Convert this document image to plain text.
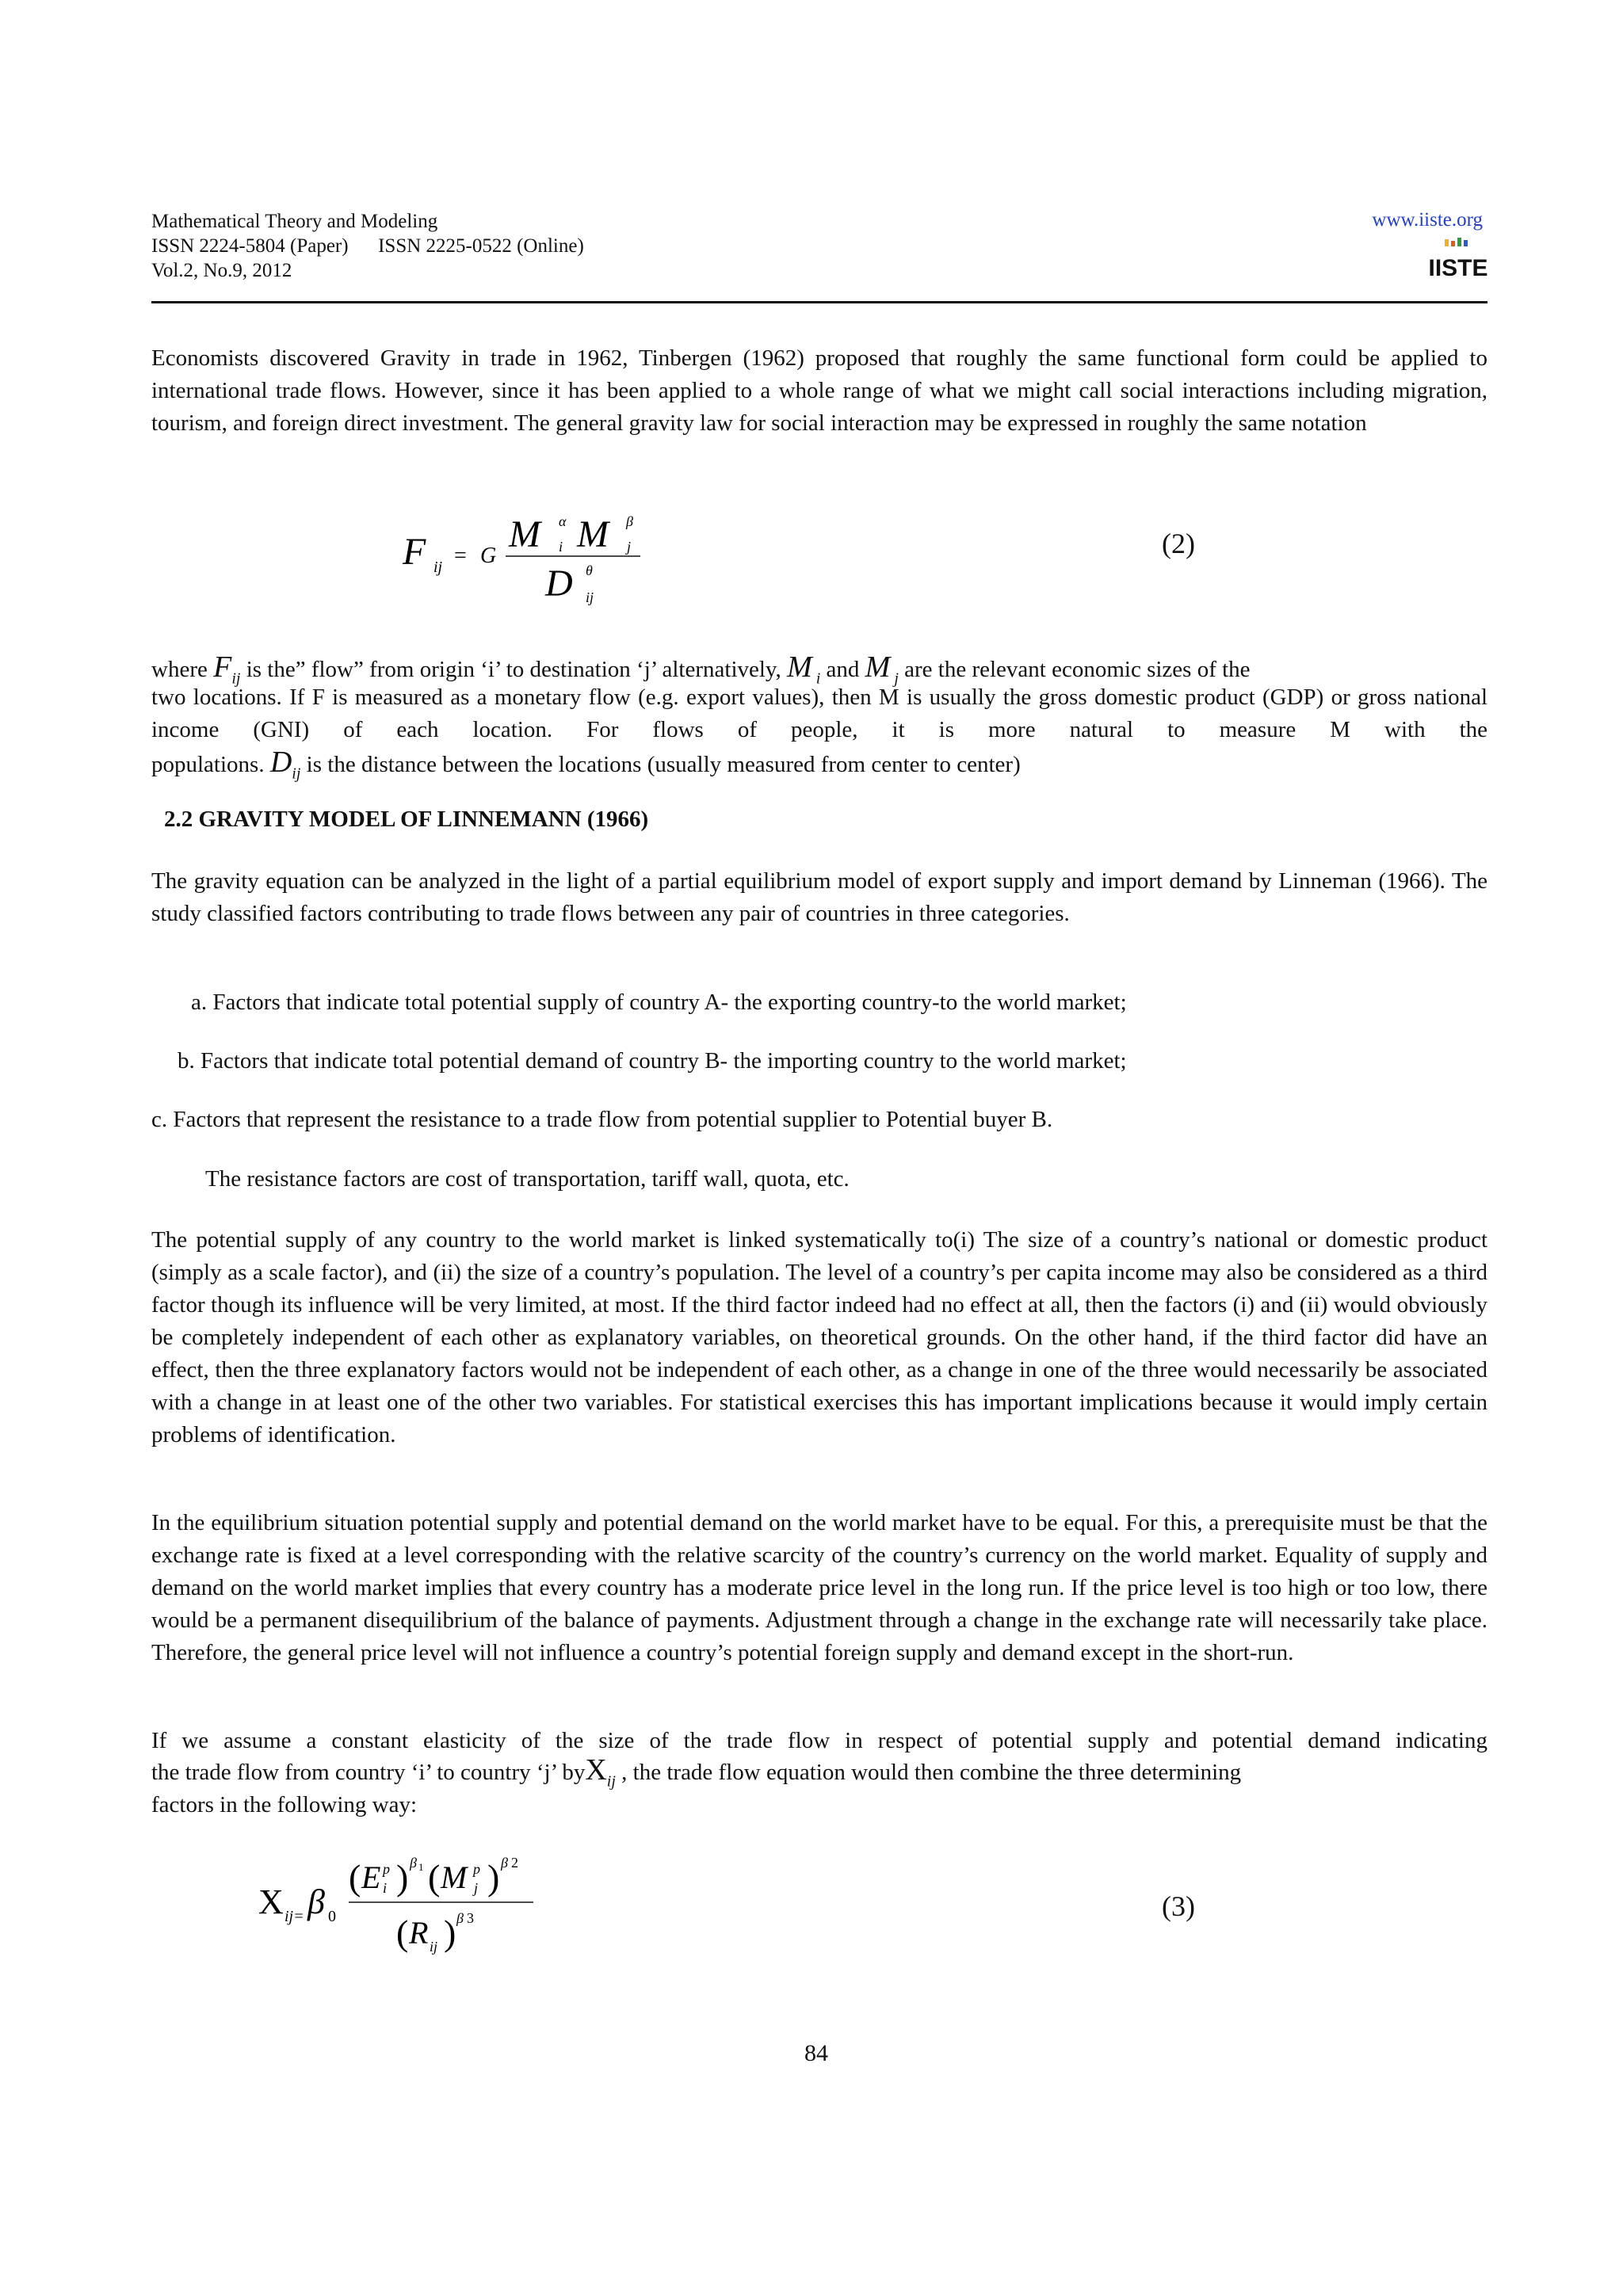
Mathematical Theory and Modeling
ISSN 2224-5804 (Paper)      ISSN 2225-0522 (Online)
Vol.2, No.9, 2012
www.iiste.org
IISTE

Economists discovered Gravity in trade in 1962, Tinbergen (1962) proposed that roughly the same functional form could be applied to international trade flows. However, since it has been applied to a whole range of what we might call social interactions including migration, tourism, and foreign direct investment. The general gravity law for social interaction may be expressed in roughly the same notation

F ij = G
M α
i M β
j
D θ
ij
(2)
where $F_{ij}$ is the” flow” from origin ‘i’ to destination ‘j’ alternatively, M $_i$ and M $_j$ are the relevant economic sizes of the

two locations. If F is measured as a monetary flow (e.g. export values), then M is usually the gross domestic product (GDP) or gross national income (GNI) of each location. For flows of people, it is more natural to measure M with the

populations. $D_{ij}$ is the distance between the locations (usually measured from center to center)
2.2 GRAVITY MODEL OF LINNEMANN (1966)

The gravity equation can be analyzed in the light of a partial equilibrium model of export supply and import demand by Linneman (1966). The study classified factors contributing to trade flows between any pair of countries in three categories.

a. Factors that indicate total potential supply of country A- the exporting country-to the world market;
b. Factors that indicate total potential demand of country B- the importing country to the world market;
c. Factors that represent the resistance to a trade flow from potential supplier to Potential buyer B.
The resistance factors are cost of transportation, tariff wall, quota, etc.

The potential supply of any country to the world market is linked systematically to(i) The size of a country’s national or domestic product (simply as a scale factor), and (ii) the size of a country’s population. The level of a country’s per capita income may also be considered as a third factor though its influence will be very limited, at most. If the third factor indeed had no effect at all, then the factors (i) and (ii) would obviously be completely independent of each other as explanatory variables, on theoretical grounds. On the other hand, if the third factor did have an effect, then the three explanatory factors would not be independent of each other, as a change in one of the three would necessarily be associated with a change in at least one of the other two variables. For statistical exercises this has important implications because it would imply certain problems of identification.

In the equilibrium situation potential supply and potential demand on the world market have to be equal. For this, a prerequisite must be that the exchange rate is fixed at a level corresponding with the relative scarcity of the country’s currency on the world market. Equality of supply and demand on the world market implies that every country has a moderate price level in the long run. If the price level is too high or too low, there would be a permanent disequilibrium of the balance of payments. Adjustment through a change in the exchange rate will necessarily take place. Therefore, the general price level will not influence a country’s potential foreign supply and demand except in the short-run.

If we assume a constant elasticity of the size of the trade flow in respect of potential supply and potential demand indicating

the trade flow from country ‘i’ to country ‘j’ byX$_{ij}$ , the trade flow equation would then combine the three determining
factors in the following way:
X ij= β 0
( E p
i ) β 1 ( M p
j ) β 2
( R ij ) β 3	(3)
84
